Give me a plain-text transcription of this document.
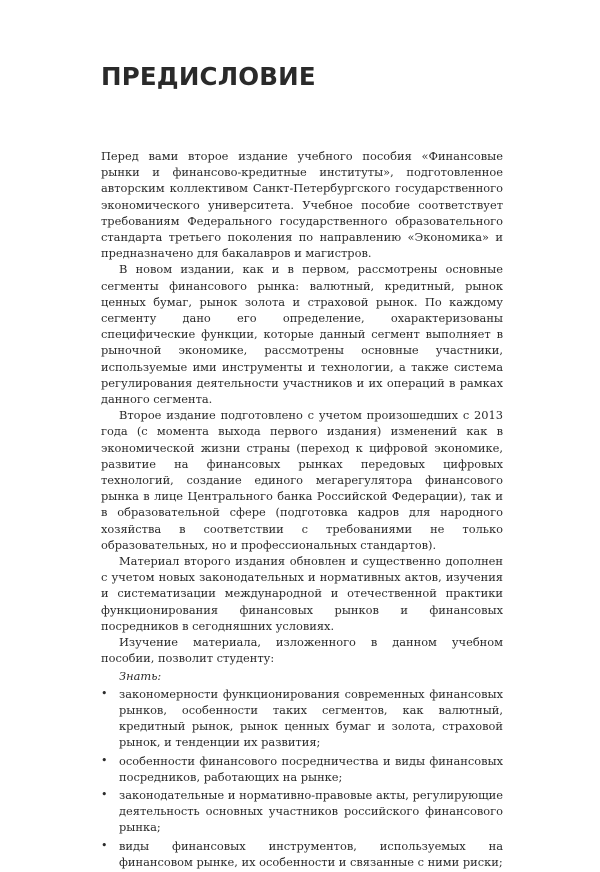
ПРЕДИСЛОВИЕ

Перед вами второе издание учебного пособия «Финансовые рынки и финансово-кредитные институты», подготовленное авторским коллективом Санкт-Петербургского государственного экономического университета. Учебное пособие соответствует требованиям Федерального государственного образовательного стандарта третьего поколения по направлению «Экономика» и предназначено для бакалавров и магистров.

В новом издании, как и в первом, рассмотрены основные сегменты финансового рынка: валютный, кредитный, рынок ценных бумаг, рынок золота и страховой рынок. По каждому сегменту дано его определение, охарактеризованы специфические функции, которые данный сегмент выполняет в рыночной экономике, рассмотрены основные участники, используемые ими инструменты и технологии, а также система регулирования деятельности участников и их операций в рамках данного сегмента.

Второе издание подготовлено с учетом произошедших с 2013 года (с момента выхода первого издания) изменений как в экономической жизни страны (переход к цифровой экономике, развитие на финансовых рынках передовых цифровых технологий, создание единого мегарегулятора финансового рынка в лице Центрального банка Российской Федерации), так и в образовательной сфере (подготовка кадров для народного хозяйства в соответствии с требованиями не только образовательных, но и профессиональных стандартов).

Материал второго издания обновлен и существенно дополнен с учетом новых законодательных и нормативных актов, изучения и систематизации международной и отечественной практики функционирования финансовых рынков и финансовых посредников в сегодняшних условиях.

Изучение материала, изложенного в данном учебном пособии, позволит студенту:

Знать:

•	закономерности функционирования современных финансовых рынков, особенности таких сегментов, как валютный, кредитный рынок, рынок ценных бумаг и золота, страховой рынок, и тенденции их развития;
•	особенности финансового посредничества и виды финансовых посредников, работающих на рынке;
•	законодательные и нормативно-правовые акты, регулирующие деятельность основных участников российского финансового рынка;
•	виды финансовых инструментов, используемых на финансовом рынке, их особенности и связанные с ними риски;
